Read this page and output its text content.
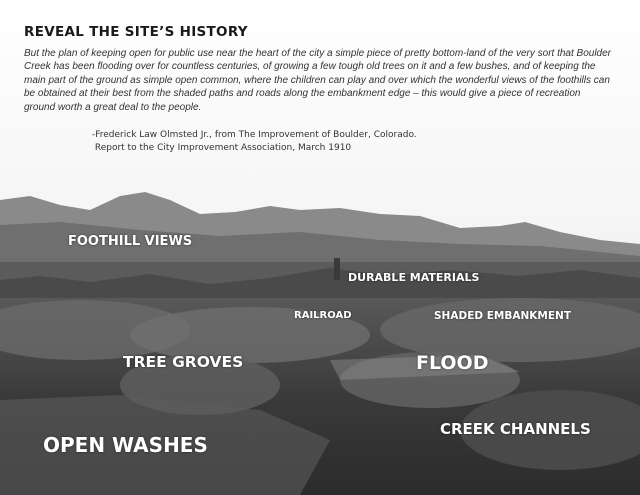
REVEAL THE SITE’S HISTORY
But the plan of keeping open for public use near the heart of the city a simple piece of pretty bottom-land of the very sort that Boulder Creek has been flooding over for countless centuries, of growing a few tough old trees on it and a few bushes, and of keeping the main part of the ground as simple open common, where the children can play and over which the wonderful views of the foothills can be obtained at their best from the shaded paths and roads along the embankment edge – this would give a piece of recreation ground worth a great deal to the people.
-Frederick Law Olmsted Jr., from The Improvement of Boulder, Colorado.
Report to the City Improvement Association, March 1910
FOOTHILL VIEWS
DURABLE MATERIALS
RAILROAD	SHADED EMBANKMENT
TREE GROVES	FLOOD
OPEN WASHES
CREEK CHANNELS
